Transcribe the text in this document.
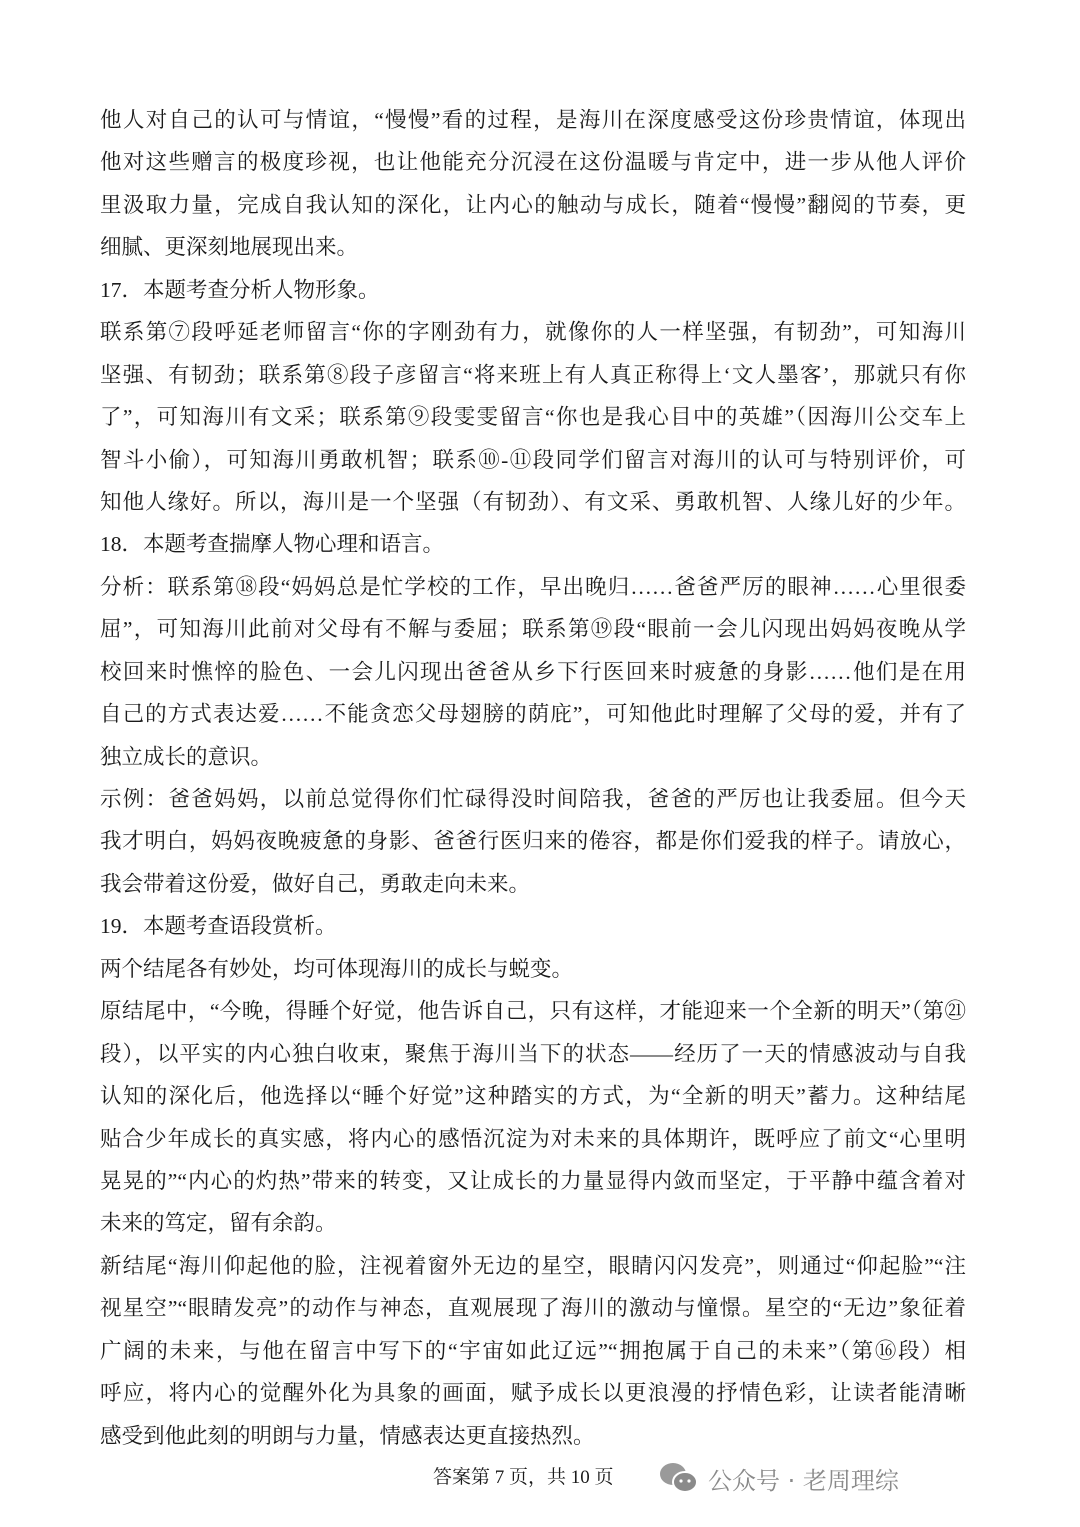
他人对自己的认可与情谊，“慢慢”看的过程，是海川在深度感受这份珍贵情谊，体现出
他对这些赠言的极度珍视，也让他能充分沉浸在这份温暖与肯定中，进一步从他人评价
里汲取力量，完成自我认知的深化，让内心的触动与成长，随着“慢慢”翻阅的节奏，更
细腻、更深刻地展现出来。
17．本题考查分析人物形象。
联系第⑦段呼延老师留言“你的字刚劲有力，就像你的人一样坚强，有韧劲”，可知海川
坚强、有韧劲；联系第⑧段子彦留言“将来班上有人真正称得上‘文人墨客’，那就只有你
了”，可知海川有文采；联系第⑨段雯雯留言“你也是我心目中的英雄”（因海川公交车上
智斗小偷），可知海川勇敢机智；联系⑩-⑪段同学们留言对海川的认可与特别评价，可
知他人缘好。所以，海川是一个坚强（有韧劲）、有文采、勇敢机智、人缘儿好的少年。
18．本题考查揣摩人物心理和语言。
分析：联系第⑱段“妈妈总是忙学校的工作，早出晚归……爸爸严厉的眼神……心里很委
屈”，可知海川此前对父母有不解与委屈；联系第⑲段“眼前一会儿闪现出妈妈夜晚从学
校回来时憔悴的脸色、一会儿闪现出爸爸从乡下行医回来时疲惫的身影……他们是在用
自己的方式表达爱……不能贪恋父母翅膀的荫庇”，可知他此时理解了父母的爱，并有了
独立成长的意识。
示例：爸爸妈妈，以前总觉得你们忙碌得没时间陪我，爸爸的严厉也让我委屈。但今天
我才明白，妈妈夜晚疲惫的身影、爸爸行医归来的倦容，都是你们爱我的样子。请放心，
我会带着这份爱，做好自己，勇敢走向未来。
19．本题考查语段赏析。
两个结尾各有妙处，均可体现海川的成长与蜕变。
原结尾中，“今晚，得睡个好觉，他告诉自己，只有这样，才能迎来一个全新的明天”（第㉑
段），以平实的内心独白收束，聚焦于海川当下的状态——经历了一天的情感波动与自我
认知的深化后，他选择以“睡个好觉”这种踏实的方式，为“全新的明天”蓄力。这种结尾
贴合少年成长的真实感，将内心的感悟沉淀为对未来的具体期许，既呼应了前文“心里明
晃晃的”“内心的灼热”带来的转变，又让成长的力量显得内敛而坚定，于平静中蕴含着对
未来的笃定，留有余韵。
新结尾“海川仰起他的脸，注视着窗外无边的星空，眼睛闪闪发亮”，则通过“仰起脸”“注
视星空”“眼睛发亮”的动作与神态，直观展现了海川的激动与憧憬。星空的“无边”象征着
广阔的未来，与他在留言中写下的“宇宙如此辽远”“拥抱属于自己的未来”（第⑯段）相
呼应，将内心的觉醒外化为具象的画面，赋予成长以更浪漫的抒情色彩，让读者能清晰
感受到他此刻的明朗与力量，情感表达更直接热烈。
答案第 7 页，共 10 页	公众号 · 老周理综
